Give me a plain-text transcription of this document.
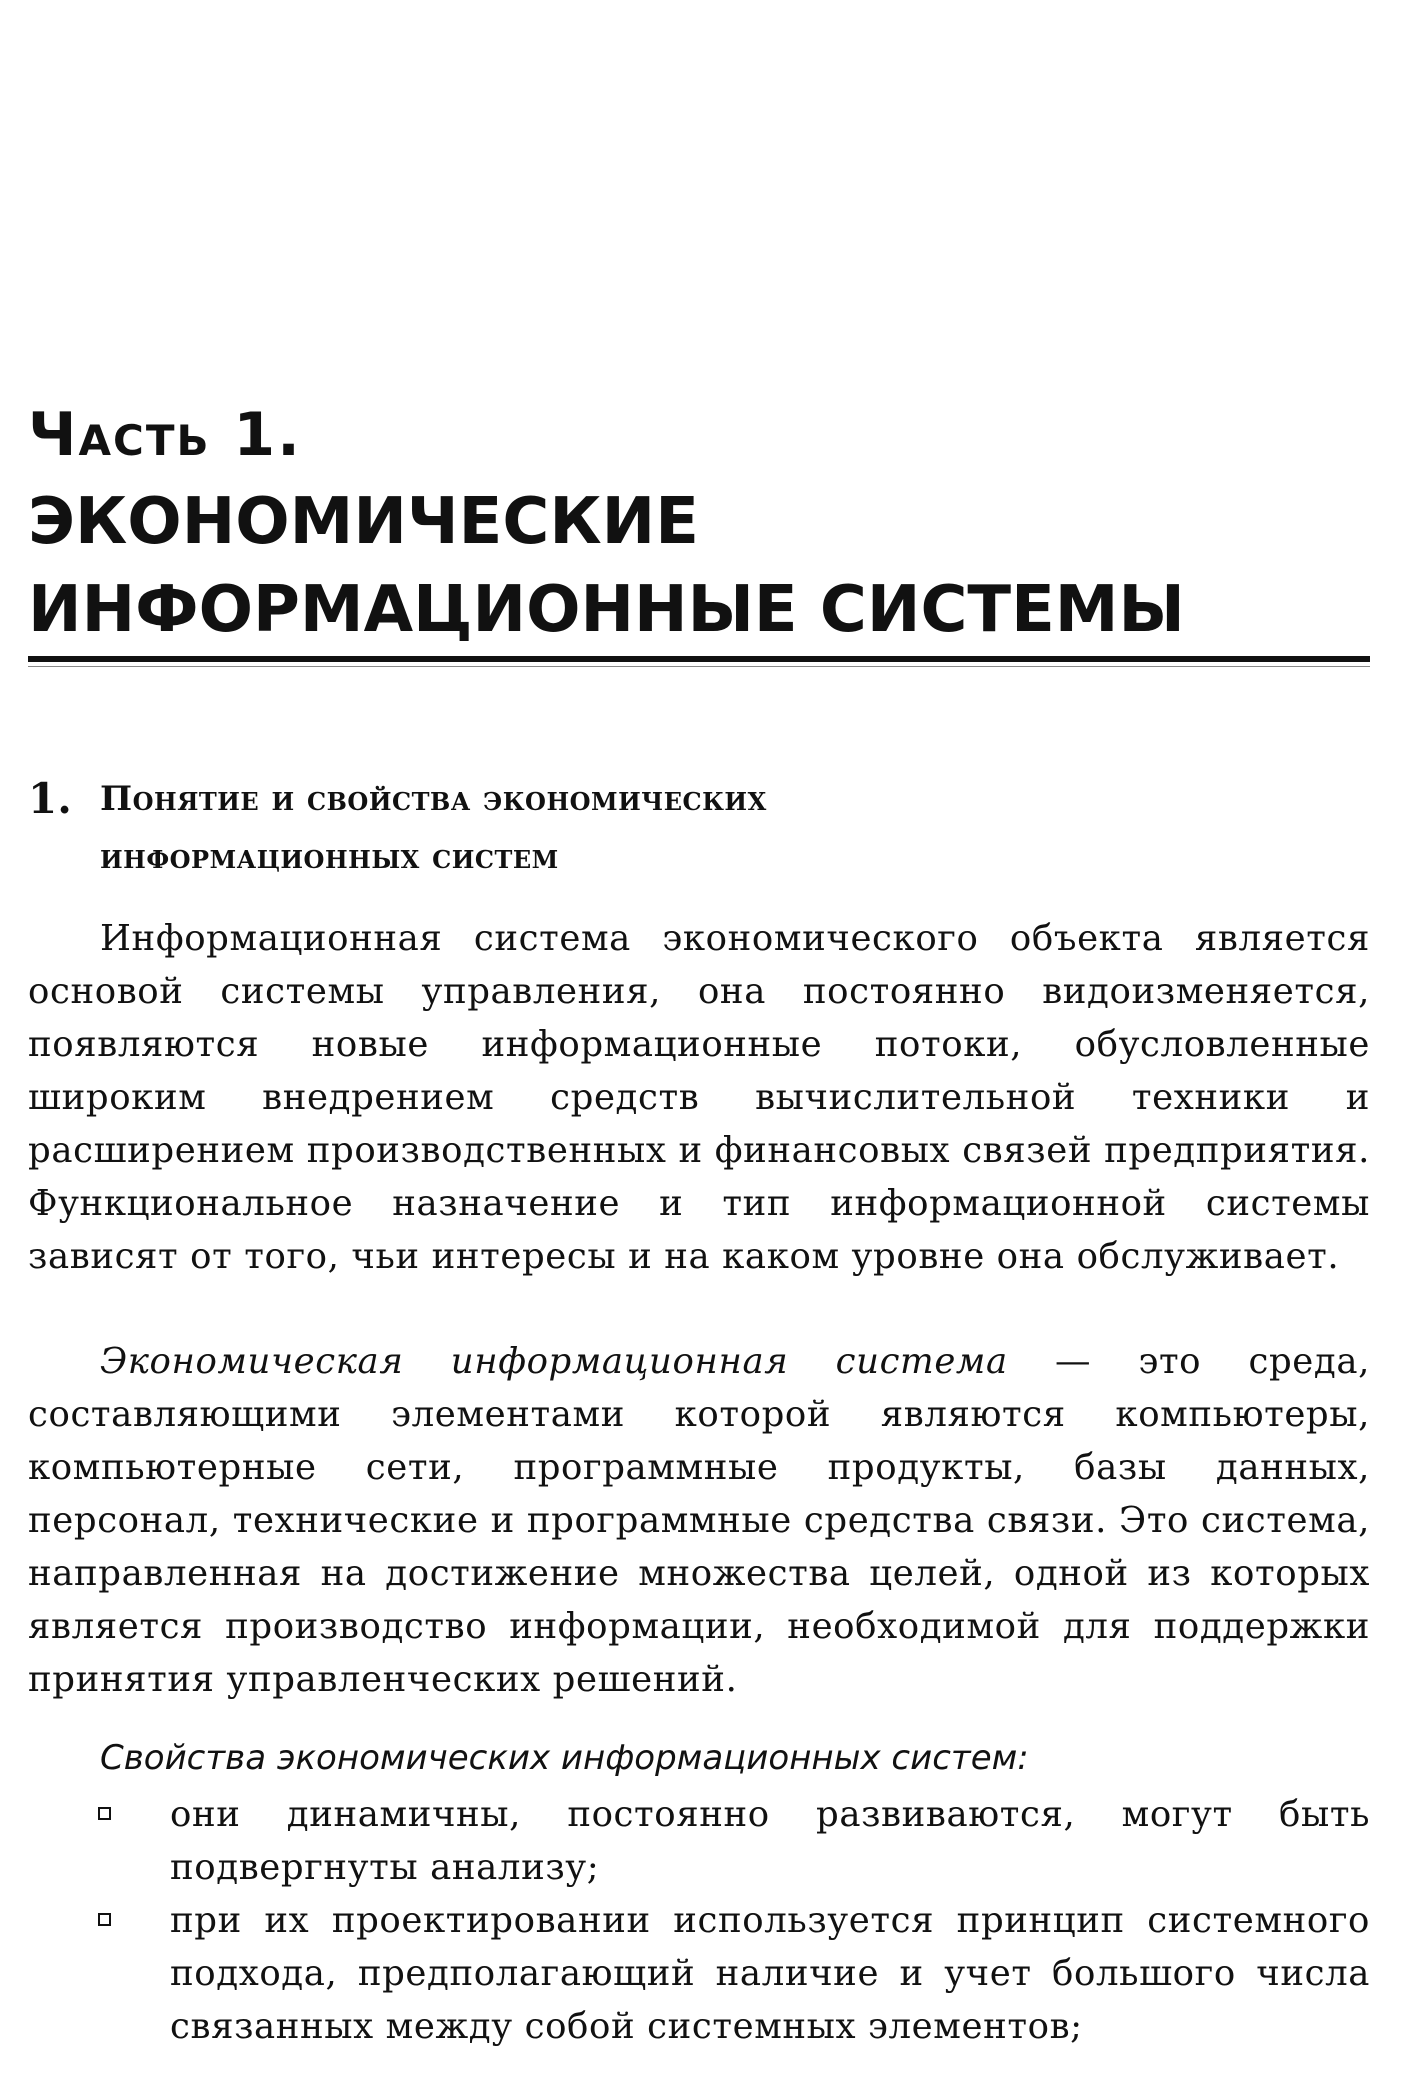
Часть 1.

ЭКОНОМИЧЕСКИЕ

ИНФОРМАЦИОННЫЕ СИСТЕМЫ

1. Понятие и свойства экономических
информационных систем

Информационная система экономического объекта является основой системы управления, она постоянно видоизменяется, появляются новые информационные потоки, обусловленные широким внедрением средств вычислительной техники и расширением производственных и финансовых связей предприятия. Функциональное назначение и тип информационной системы зависят от того, чьи интересы и на каком уровне она обслуживает.

Экономическая информационная система — это среда, составляющими элементами которой являются компьютеры, компьютерные сети, программные продукты, базы данных, персонал, технические и программные средства связи. Это система, направленная на достижение множества целей, одной из которых является производство информации, необходимой для поддержки принятия управленческих решений.

Свойства экономических информационных систем:

они динамичны, постоянно развиваются, могут быть подвергнуты анализу;
при их проектировании используется принцип системного подхода, предполагающий наличие и учет большого числа связанных между собой системных элементов;
